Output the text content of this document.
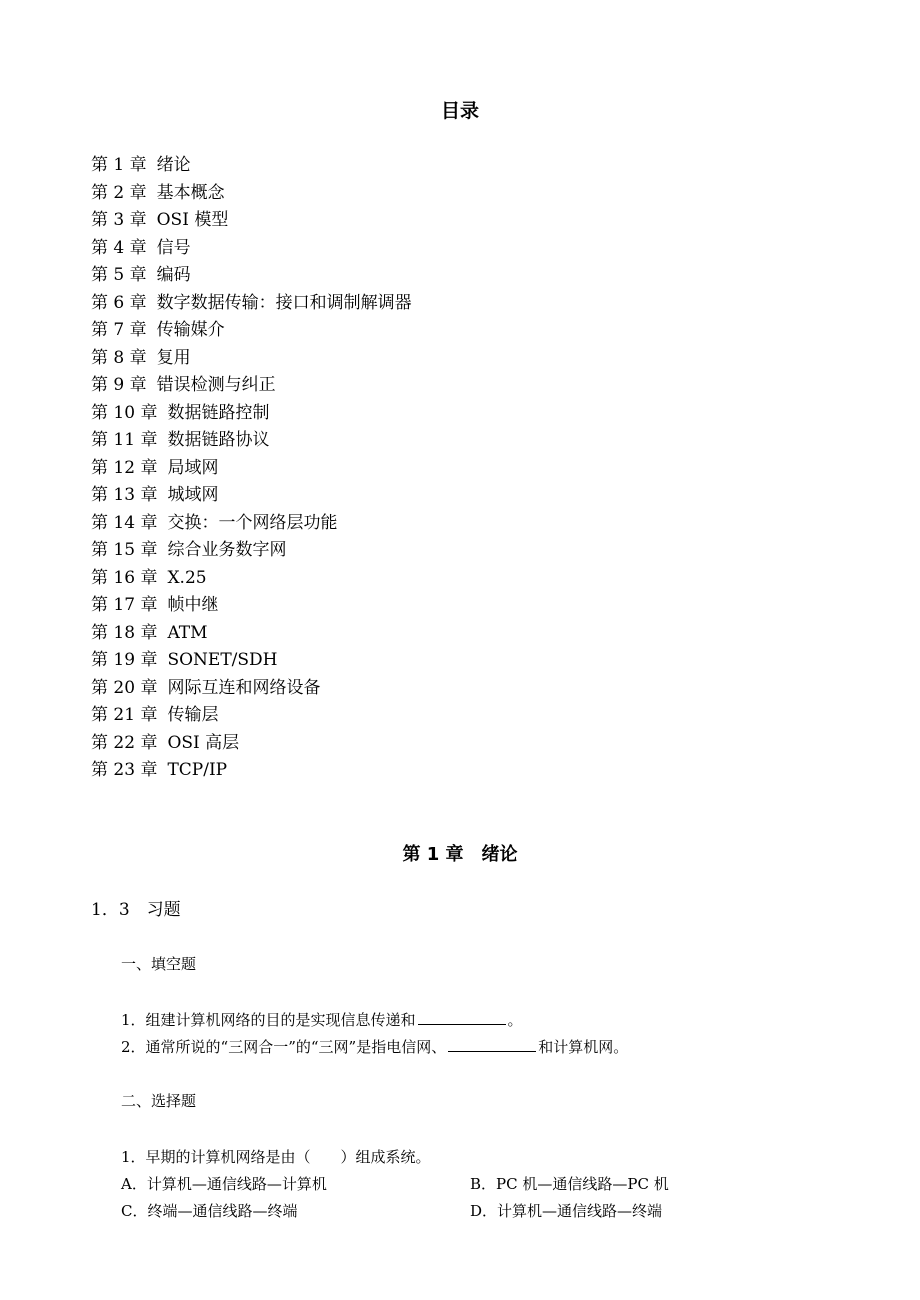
目录
第 1 章 绪论
第 2 章 基本概念
第 3 章 OSI 模型
第 4 章 信号
第 5 章 编码
第 6 章 数字数据传输：接口和调制解调器
第 7 章 传输媒介
第 8 章 复用
第 9 章 错误检测与纠正
第 10 章 数据链路控制
第 11 章 数据链路协议
第 12 章 局域网
第 13 章 城域网
第 14 章 交换：一个网络层功能
第 15 章 综合业务数字网
第 16 章 X.25
第 17 章 帧中继
第 18 章 ATM
第 19 章 SONET/SDH
第 20 章 网际互连和网络设备
第 21 章 传输层
第 22 章 OSI 高层
第 23 章 TCP/IP
第 1 章　绪论
1．3　习题
一、填空题
1．组建计算机网络的目的是实现信息传递和	。
2．通常所说的“三网合一”的“三网”是指电信网、	和计算机网。
二、选择题
1．早期的计算机网络是由（　　）组成系统。
A．计算机—通信线路—计算机	B．PC 机—通信线路—PC 机
C．终端—通信线路—终端	D．计算机—通信线路—终端
